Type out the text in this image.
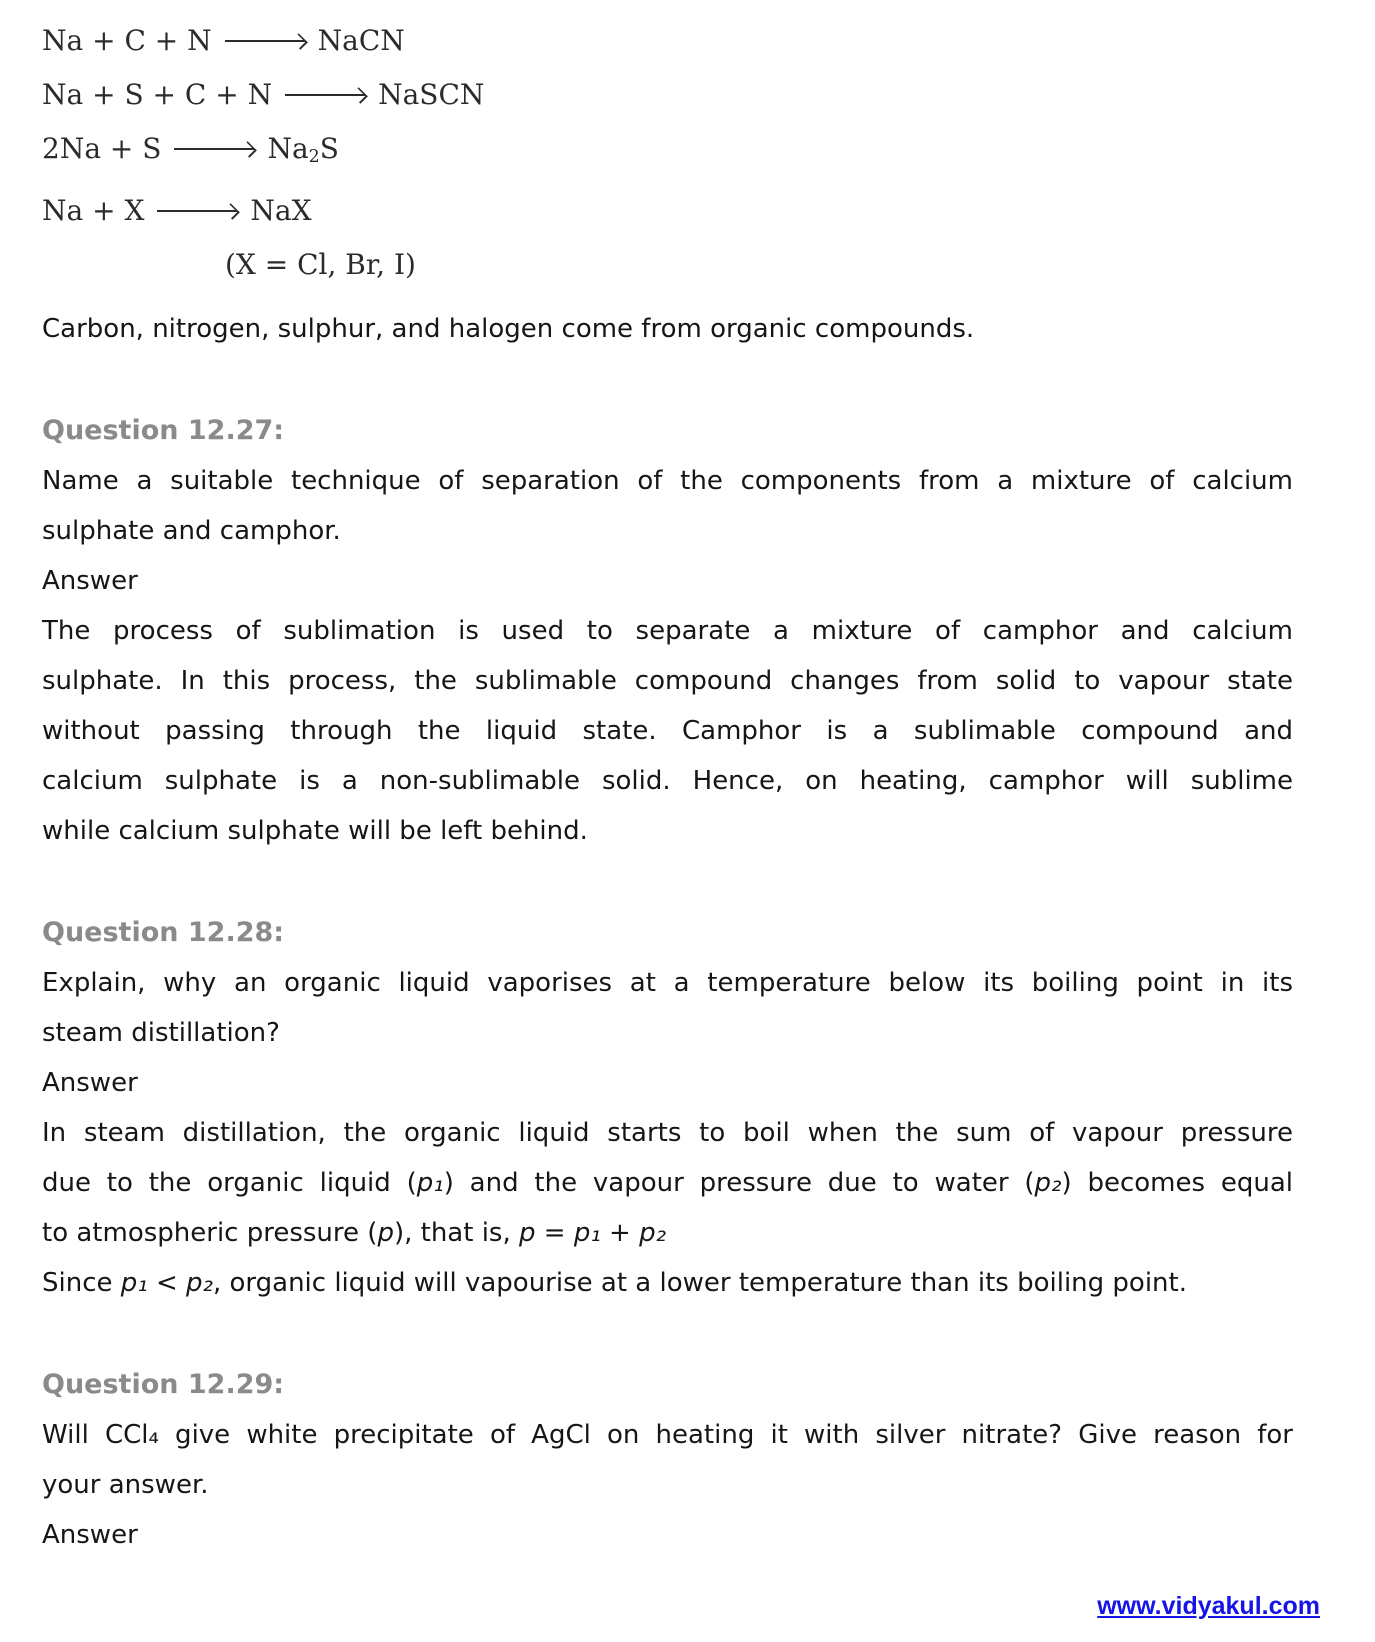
Na + C + N	NaCN
Na + S + C + N	NaSCN
2Na + S	$Na_2S$
Na + X	NaX
(X = Cl, Br, I)

Carbon, nitrogen, sulphur, and halogen come from organic compounds.

Question 12.27:

Name a suitable technique of separation of the components from a mixture of calcium

sulphate and camphor.

Answer

The process of sublimation is used to separate a mixture of camphor and calcium

sulphate. In this process, the sublimable compound changes from solid to vapour state

without passing through the liquid state. Camphor is a sublimable compound and

calcium sulphate is a non-sublimable solid. Hence, on heating, camphor will sublime

while calcium sulphate will be left behind.

Question 12.28:

Explain, why an organic liquid vaporises at a temperature below its boiling point in its

steam distillation?

Answer

In steam distillation, the organic liquid starts to boil when the sum of vapour pressure

due to the organic liquid (p₁) and the vapour pressure due to water (p₂) becomes equal

to atmospheric pressure (p), that is, p = p₁ + p₂

Since p₁ < p₂, organic liquid will vapourise at a lower temperature than its boiling point.

Question 12.29:

Will CCl₄ give white precipitate of AgCl on heating it with silver nitrate? Give reason for

your answer.

Answer

www.vidyakul.com
